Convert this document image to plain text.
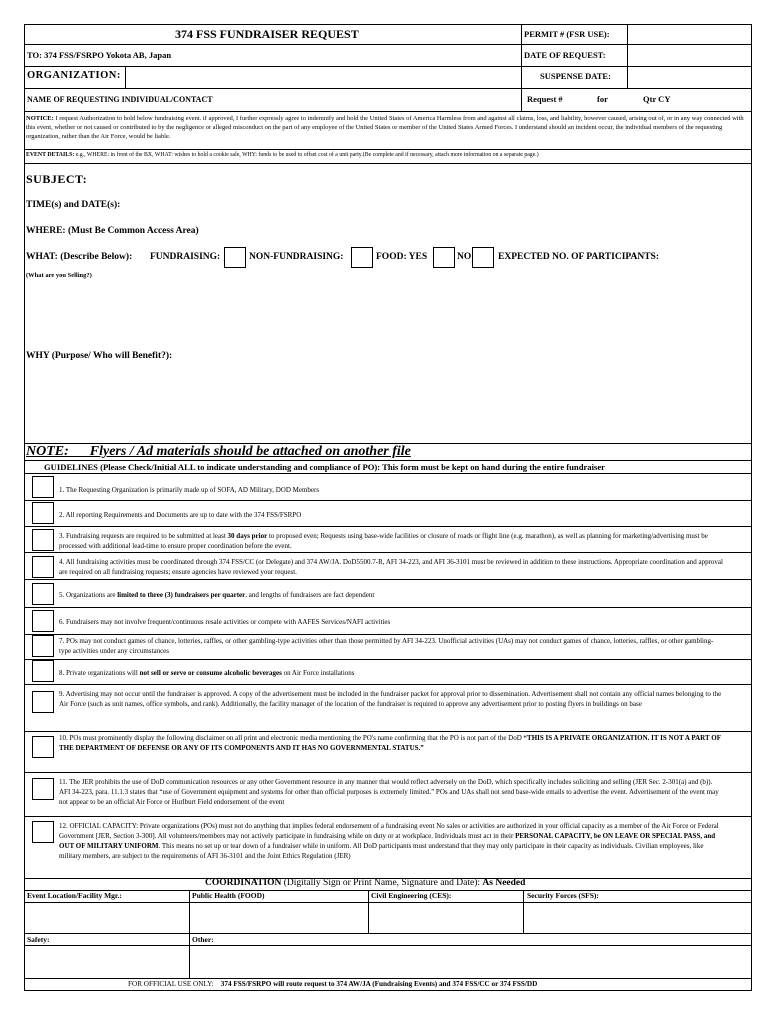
374 FSS FUNDRAISER REQUEST	PERMIT # (FSR USE):
TO: 374 FSS/FSRPO Yokota AB, Japan	DATE OF REQUEST:
ORGANIZATION:	SUSPENSE DATE:
NAME OF REQUESTING INDIVIDUAL/CONTACT	Request #	for	Qtr CY
NOTICE: I request Authorization to hold below fundraising event. if approved, I further expressly agree to indemnify and hold the United States of America Harmless from and against all claims, loss, and liability, however caused, arising out of, or in any way connected with this event, whether or not caused or contributed to by the negligence or alleged misconduct on the part of any employee of the United States or member of the United States Armed Forces. I understand should an incident occur, the individual members of the requesting organization, rather than the Air Force, would be liable.
EVENT DETAILS: e.g., WHERE: in front of the BX, WHAT: wishes to hold a cookie sale, WHY: funds to be used to offset cost of a unit party.(Be complete and if necessary, attach more information on a separate page.)
SUBJECT:
TIME(s) and DATE(s):
WHERE: (Must Be Common Access Area)
WHAT: (Describe Below): FUNDRAISING:	NON-FUNDRAISING:	FOOD: YES	NO	EXPECTED NO. OF PARTICIPANTS:
(What are you Selling?)
WHY (Purpose/ Who will Benefit?):
NOTE:      Flyers / Ad materials should be attached on another file
GUIDELINES (Please Check/Initial ALL to indicate understanding and compliance of PO): This form must be kept on hand during the entire fundraiser
1. The Requesting Organization is primarily made up of SOFA, AD Military, DOD Members
2. All reporting Requirements and Documents are up to date with the 374 FSS/FSRPO
3. Fundraising requests are required to be submitted at least 30 days prior to proposed even; Requests using base-wide facilities or closure of roads or flight line (e.g. marathon), as well as planning for marketing/advertising must be processed with additional lead-time to ensure proper coordination before the event.
4. All fundraising activities must be coordinated through 374 FSS/CC (or Delegate) and 374 AW/JA. DoD5500.7-R, AFI 34-223, and AFI 36-3101 must be reviewed in addition to these instructions. Appropriate coordination and approval are required on all fundraising requests; ensure agencies have reviewed your request.
5. Organizations are limited to three (3) fundraisers per quarter, and lengths of fundraisers are fact dependent
6. Fundraisers may not involve frequent/continuous resale activities or compete with AAFES Services/NAFI activities
7. POs may not conduct games of chance, lotteries, raffles, or other gambling-type activities other than those permitted by AFI 34-223. Unofficial activities (UAs) may not conduct games of chance, lotteries, raffles, or other gambling-type activities under any circumstances
8. Private organizations will not sell or serve or consume alcoholic beverages on Air Force installations
9. Advertising may not occur until the fundraiser is approved. A copy of the advertisement must be included in the fundraiser packet for approval prior to dissemination. Advertisement shall not contain any official names belonging to the Air Force (such as unit names, office symbols, and rank). Additionally, the facility manager of the location of the fundraiser is required to approve any advertisement prior to posting flyers in buildings on base
10. POs must prominently display the following disclaimer on all print and electronic media mentioning the PO's name confirming that the PO is not part of the DoD “THIS IS A PRIVATE ORGANIZATION. IT IS NOT A PART OF THE DEPARTMENT OF DEFENSE OR ANY OF ITS COMPONENTS AND IT HAS NO GOVERNMENTAL STATUS.”
11. The JER prohibits the use of DoD communication resources or any other Government resource in any manner that would reflect adversely on the DoD, which specifically includes soliciting and selling (JER Sec. 2-301(a) and (b)). AFI 34-223, para. 11.1.3 states that “use of Government equipment and systems for other than official purposes is extremely limited.” POs and UAs shall not send base-wide emails to advertise the event. Advertisement of the event may not appear to be an official Air Force or Hurlburt Field endorsement of the event
12. OFFICIAL CAPACITY: Private organizations (POs) must not do anything that implies federal endorsement of a fundraising event No sales or activities are authorized in your official capacity as a member of the Air Force or Federal Government [JER, Section 3-300]. All volunteers/members may not actively participate in fundraising while on duty or at workplace. Individuals must act in their PERSONAL CAPACITY, be ON LEAVE OR SPECIAL PASS, and OUT OF MILITARY UNIFORM. This means no set up or tear down of a fundraiser while in uniform. All DoD participants must understand that they may only participate in their capacity as individuals. Civilian employees, like military members, are subject to the requirements of AFI 36-3101 and the Joint Ethics Regulation (JER)
COORDINATION (Digitally Sign or Print Name, Signature and Date): As Needed
Event Location/Facility Mgr.:	Public Health (FOOD)	Civil Engineering (CES):	Security Forces (SFS):
Safety:	Other:
FOR OFFICIAL USE ONLY: 374 FSS/FSRPO will route request to 374 AW/JA (Fundraising Events) and 374 FSS/CC or 374 FSS/DD
